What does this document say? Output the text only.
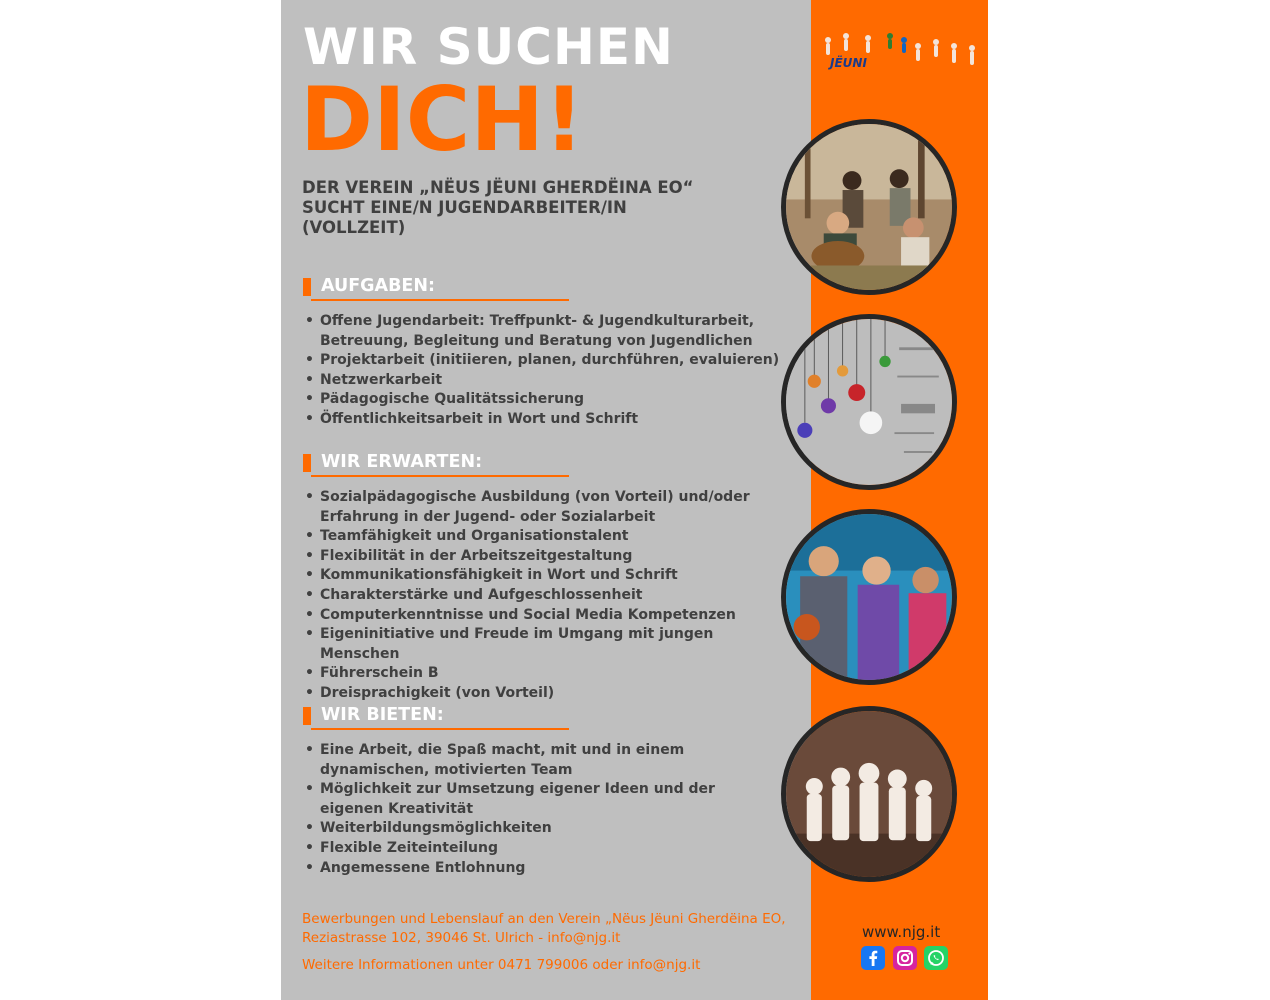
WIR SUCHEN
DICH!
DER VEREIN „NËUS JËUNI GHERDËINA EO“
SUCHT EINE/N JUGENDARBEITER/IN
(VOLLZEIT)
AUFGABEN:
• Offene Jugendarbeit: Treffpunkt- & Jugendkulturarbeit, Betreuung, Begleitung und Beratung von Jugendlichen
• Projektarbeit (initiieren, planen, durchführen, evaluieren)
• Netzwerkarbeit
• Pädagogische Qualitätssicherung
• Öffentlichkeitsarbeit in Wort und Schrift
WIR ERWARTEN:
• Sozialpädagogische Ausbildung (von Vorteil) und/oder Erfahrung in der Jugend- oder Sozialarbeit
• Teamfähigkeit und Organisationstalent
• Flexibilität in der Arbeitszeitgestaltung
• Kommunikationsfähigkeit in Wort und Schrift
• Charakterstärke und Aufgeschlossenheit
• Computerkenntnisse und Social Media Kompetenzen
• Eigeninitiative und Freude im Umgang mit jungen Menschen
• Führerschein B
• Dreisprachigkeit (von Vorteil)
WIR BIETEN:
• Eine Arbeit, die Spaß macht, mit und in einem dynamischen, motivierten Team
• Möglichkeit zur Umsetzung eigener Ideen und der eigenen Kreativität
• Weiterbildungsmöglichkeiten
• Flexible Zeiteinteilung
• Angemessene Entlohnung
Bewerbungen und Lebenslauf an den Verein „Nëus Jëuni Gherdëina EO,
Reziastrasse 102, 39046 St. Ulrich - info@njg.it
Weitere Informationen unter 0471 799006 oder info@njg.it
JËUNI
www.njg.it
